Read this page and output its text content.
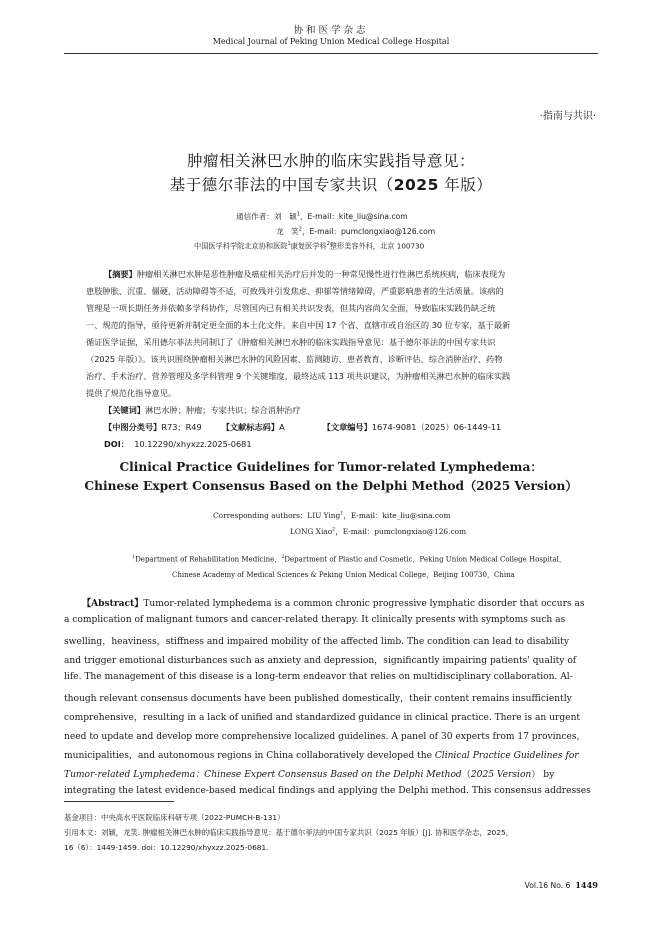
协和医学杂志
Medical Journal of Peking Union Medical College Hospital
·指南与共识·
肿瘤相关淋巴水肿的临床实践指导意见：
基于德尔菲法的中国专家共识（2025 年版）
通信作者：刘　颖$^1$，E-mail：kite_liu@sina.com
龙　笑$^2$，E-mail：pumclongxiao@126.com
中国医学科学院北京协和医院$^1$康复医学科$^2$整形美容外科，北京 100730
【摘要】肿瘤相关淋巴水肿是恶性肿瘤及癌症相关治疗后并发的一种常见慢性进行性淋巴系统疾病，临床表现为
患肢肿胀、沉重、僵硬、活动障碍等不适，可致残并引发焦虑、抑郁等情绪障碍，严重影响患者的生活质量。该病的
管理是一项长期任务并依赖多学科协作，尽管国内已有相关共识发表，但其内容尚欠全面，导致临床实践仍缺乏统
一、规范的指导，亟待更新并制定更全面的本土化文件。来自中国 17 个省、直辖市或自治区的 30 位专家，基于最新
循证医学证据，采用德尔菲法共同制订了《肿瘤相关淋巴水肿的临床实践指导意见：基于德尔菲法的中国专家共识
（2025 年版）》。该共识围绕肿瘤相关淋巴水肿的风险因素、监测随访、患者教育、诊断评估、综合消肿治疗、药物
治疗、手术治疗、营养管理及多学科管理 9 个关键维度，最终达成 113 项共识建议，为肿瘤相关淋巴水肿的临床实践
提供了规范化指导意见。
【关键词】淋巴水肿；肿瘤；专家共识；综合消肿治疗
【中图分类号】R73；R49 【文献标志码】A	【文章编号】1674-9081（2025）06-1449-11
DOI： 10.12290/xhyxzz.2025-0681
Clinical Practice Guidelines for Tumor-related Lymphedema：
Chinese Expert Consensus Based on the Delphi Method（2025 Version）
Corresponding authors：LIU Ying$^1$，E-mail：kite_liu@sina.com
LONG Xiao$^2$，E-mail：pumclongxiao@126.com
$^1$Department of Rehabilitation Medicine，$^2$Department of Plastic and Cosmetic，Peking Union Medical College Hospital，
Chinese Academy of Medical Sciences & Peking Union Medical College，Beijing 100730，China
【Abstract】Tumor-related lymphedema is a common chronic progressive lymphatic disorder that occurs as
a complication of malignant tumors and cancer-related therapy. It clinically presents with symptoms such as
swelling，heaviness，stiffness and impaired mobility of the affected limb. The condition can lead to disability
and trigger emotional disturbances such as anxiety and depression，significantly impairing patients' quality of
life. The management of this disease is a long-term endeavor that relies on multidisciplinary collaboration. Al-
though relevant consensus documents have been published domestically，their content remains insufficiently
comprehensive，resulting in a lack of unified and standardized guidance in clinical practice. There is an urgent
need to update and develop more comprehensive localized guidelines. A panel of 30 experts from 17 provinces，
municipalities，and autonomous regions in China collaboratively developed the Clinical Practice Guidelines for
Tumor-related Lymphedema：Chinese Expert Consensus Based on the Delphi Method（2025 Version） by
integrating the latest evidence-based medical findings and applying the Delphi method. This consensus addresses
基金项目：中央高水平医院临床科研专项（2022-PUMCH-B-131）
引用本文：刘颖，龙笑. 肿瘤相关淋巴水肿的临床实践指导意见：基于德尔菲法的中国专家共识（2025 年版）[J]. 协和医学杂志，2025，
16（6）：1449-1459. doi：10.12290/xhyxzz.2025-0681.
Vol.16 No. 6 1449
